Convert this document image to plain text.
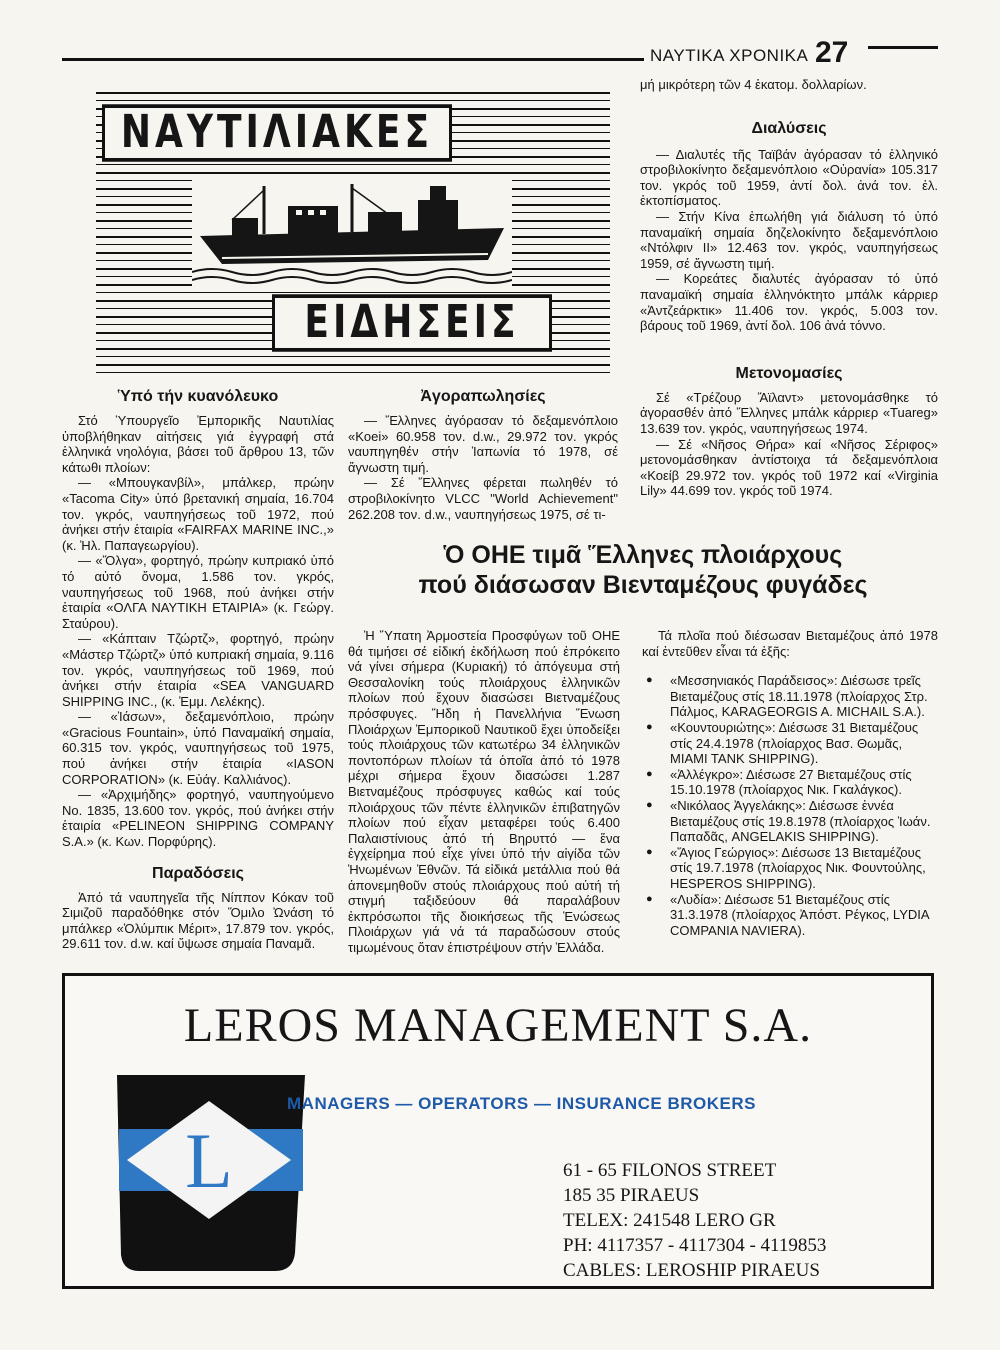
ΝΑΥΤΙΚΑ ΧΡΟΝΙΚΑ 27
ΝΑΥΤΙΛΙΑΚΕΣ
ΕΙΔΗΣΕΙΣ
μή μικρότερη τῶν 4 ἑκατομ. δολλαρίων.
Διαλύσεις

— Διαλυτές τῆς Ταϊβάν ἀγόρασαν τό ἑλληνικό στροβιλοκίνητο δεξαμενόπλοιο «Οὐρανία» 105.317 τον. γκρός τοῦ 1959, ἀντί δολ. ἀνά τον. ἐλ. ἐκτοπίσματος.

— Στήν Κίνα ἐπωλήθη γιά διάλυση τό ὑπό παναμαϊκή σημαία δηζελοκίνητο δεξαμενόπλοιο «Ντόλφιν ΙΙ» 12.463 τον. γκρός, ναυπηγήσεως 1959, σέ ἄγνωστη τιμή.

— Κορεάτες διαλυτές ἀγόρασαν τό ὑπό παναμαϊκή σημαία ἑλληνόκτητο μπάλκ κάρριερ «Ἀντζεάρκτικ» 11.406 τον. γκρός, 5.003 τον. βάρους τοῦ 1969, ἀντί δολ. 106 ἀνά τόννο.

Μετονομασίες

Σέ «Τρέζουρ Ἄϊλαντ» μετονομάσθηκε τό ἀγορασθέν ἀπό Ἕλληνες μπάλκ κάρριερ «Tuareg» 13.639 τον. γκρός, ναυπηγήσεως 1974.

— Σέ «Νῆσος Θήρα» καί «Νῆσος Σέριφος» μετονομάσθηκαν ἀντίστοιχα τά δεξαμενόπλοια «Κοείβ 29.972 τον. γκρός τοῦ 1972 καί «Virginia Lily» 44.699 τον. γκρός τοῦ 1974.

Ὑπό τήν κυανόλευκο

Στό Ὑπουργεῖο Ἐμπορικῆς Ναυτιλίας ὑποβλήθηκαν αἰτήσεις γιά ἐγγραφή στά ἑλληνικά νηολόγια, βάσει τοῦ ἄρθρου 13, τῶν κάτωθι πλοίων:

— «Μπουγκανβίλ», μπάλκερ, πρώην «Tacoma City» ὑπό βρετανική σημαία, 16.704 τον. γκρός, ναυπηγήσεως τοῦ 1972, πού ἀνήκει στήν ἑταιρία «FAIRFAX MARINE INC.,» (κ. Ἠλ. Παπαγεωργίου).

— «Ὄλγα», φορτηγό, πρώην κυπριακό ὑπό τό αὐτό ὄνομα, 1.586 τον. γκρός, ναυπηγήσεως τοῦ 1968, πού ἀνήκει στήν ἑταιρία «ΟΛΓΑ ΝΑΥΤΙΚΗ ΕΤΑΙΡΙΑ» (κ. Γεώργ. Σταύρου).

— «Κάπταιν Τζώρτζ», φορτηγό, πρώην «Μάστερ Τζώρτζ» ὑπό κυπριακή σημαία, 9.116 τον. γκρός, ναυπηγήσεως τοῦ 1969, πού ἀνήκει στήν ἑταιρία «SEA VANGUARD SHIPPING INC., (κ. Ἐμμ. Λελέκης).

— «Ἰάσων», δεξαμενόπλοιο, πρώην «Gracious Fountain», ὑπό Παναμαϊκή σημαία, 60.315 τον. γκρός, ναυπηγήσεως τοῦ 1975, πού ἀνήκει στήν ἑταιρία «IASON CORPORATION» (κ. Εὐάγ. Καλλιάνος).

— «Ἀρχιμήδης» φορτηγό, ναυπηγούμενο Νο. 1835, 13.600 τον. γκρός, πού ἀνήκει στήν ἑταιρία «PELINEON SHIPPING COMPANY S.A.» (κ. Κων. Πορφύρης).

Παραδόσεις

Ἀπό τά ναυπηγεῖα τῆς Νίππον Κόκαν τοῦ Σιμιζοῦ παραδόθηκε στόν Ὅμιλο Ὠνάση τό μπάλκερ «Ὀλύμπικ Μέριτ», 17.879 τον. γκρός, 29.611 τον. d.w. καί ὕψωσε σημαία Παναμᾶ.

Ἀγοραπωλησίες

— Ἕλληνες ἀγόρασαν τό δεξαμενόπλοιο «Koei» 60.958 τον. d.w., 29.972 τον. γκρός ναυπηγηθέν στήν Ἰαπωνία τό 1978, σέ ἄγνωστη τιμή.

— Σέ Ἕλληνες φέρεται πωληθέν τό στροβιλοκίνητο VLCC "World Achievement" 262.208 τον. d.w., ναυπηγήσεως 1975, σέ τι-

Ὁ ΟΗΕ τιμᾶ Ἕλληνες πλοιάρχους
πού διάσωσαν Βιενταμέζους φυγάδες

Ἡ Ὕπατη Ἀρμοστεία Προσφύγων τοῦ ΟΗΕ θά τιμήσει σέ εἰδική ἐκδήλωση πού ἐπρόκειτο νά γίνει σήμερα (Κυριακή) τό ἀπόγευμα στή Θεσσαλονίκη τούς πλοιάρχους ἑλληνικῶν πλοίων πού ἔχουν διασώσει Βιετναμέζους πρόσφυγες. Ἤδη ἡ Πανελλήνια Ἕνωση Πλοιάρχων Ἐμπορικοῦ Ναυτικοῦ ἔχει ὑποδείξει τούς πλοιάρχους τῶν κατωτέρω 34 ἑλληνικῶν ποντοπόρων πλοίων τά ὁποῖα ἀπό τό 1978 μέχρι σήμερα ἔχουν διασώσει 1.287 Βιετναμέζους πρόσφυγες καθώς καί τούς πλοιάρχους τῶν πέντε ἑλληνικῶν ἐπιβατηγῶν πλοίων πού εἶχαν μεταφέρει τούς 6.400 Παλαιστίνιους ἀπό τή Βηρυττό — ἕνα ἐγχείρημα πού εἶχε γίνει ὑπό τήν αἰγίδα τῶν Ἡνωμένων Ἐθνῶν. Τά εἰδικά μετάλλια πού θά ἀπονεμηθοῦν στούς πλοιάρχους πού αὐτή τή στιγμή ταξιδεύουν θά παραλάβουν ἐκπρόσωποι τῆς διοικήσεως τῆς Ἑνώσεως Πλοιάρχων γιά νά τά παραδώσουν στούς τιμωμένους ὅταν ἐπιστρέψουν στήν Ἑλλάδα.

Τά πλοῖα πού διέσωσαν Βιεταμέζους ἀπό 1978 καί ἐντεῦθεν εἶναι τά ἑξῆς:

● «Μεσσηνιακός Παράδεισος»: Διέσωσε τρεῖς Βιεταμέζους στίς 18.11.1978 (πλοίαρχος Στρ. Πάλμος, KARAGEORGIS A. MICHAIL S.A.).
● «Κουντουριώτης»: Διέσωσε 31 Βιεταμέζους στίς 24.4.1978 (πλοίαρχος Βασ. Θωμᾶς, MIAMI TANK SHIPPING).
● «Ἀλλέγκρο»: Διέσωσε 27 Βιεταμέζους στίς 15.10.1978 (πλοίαρχος Νικ. Γκαλάγκος).
● «Νικόλαος Ἀγγελάκης»: Διέσωσε ἐννέα Βιεταμέζους στίς 19.8.1978 (πλοίαρχος Ἰωάν. Παπαδᾶς, ANGELAKIS SHIPPING).
● «Ἅγιος Γεώργιος»: Διέσωσε 13 Βιεταμέζους στίς 19.7.1978 (πλοίαρχος Νικ. Φουντούλης, HESPEROS SHIPPING).
● «Λυδία»: Διέσωσε 51 Βιεταμέζους στίς 31.3.1978 (πλοίαρχος Ἀπόστ. Ρέγκος, LYDIA COMPANIA NAVIERA).
LEROS MANAGEMENT S.A.
L
MANAGERS — OPERATORS — INSURANCE BROKERS
61 - 65 FILONOS STREET
185 35 PIRAEUS
TELEX: 241548 LERO GR
PH: 4117357 - 4117304 - 4119853
CABLES: LEROSHIP PIRAEUS
